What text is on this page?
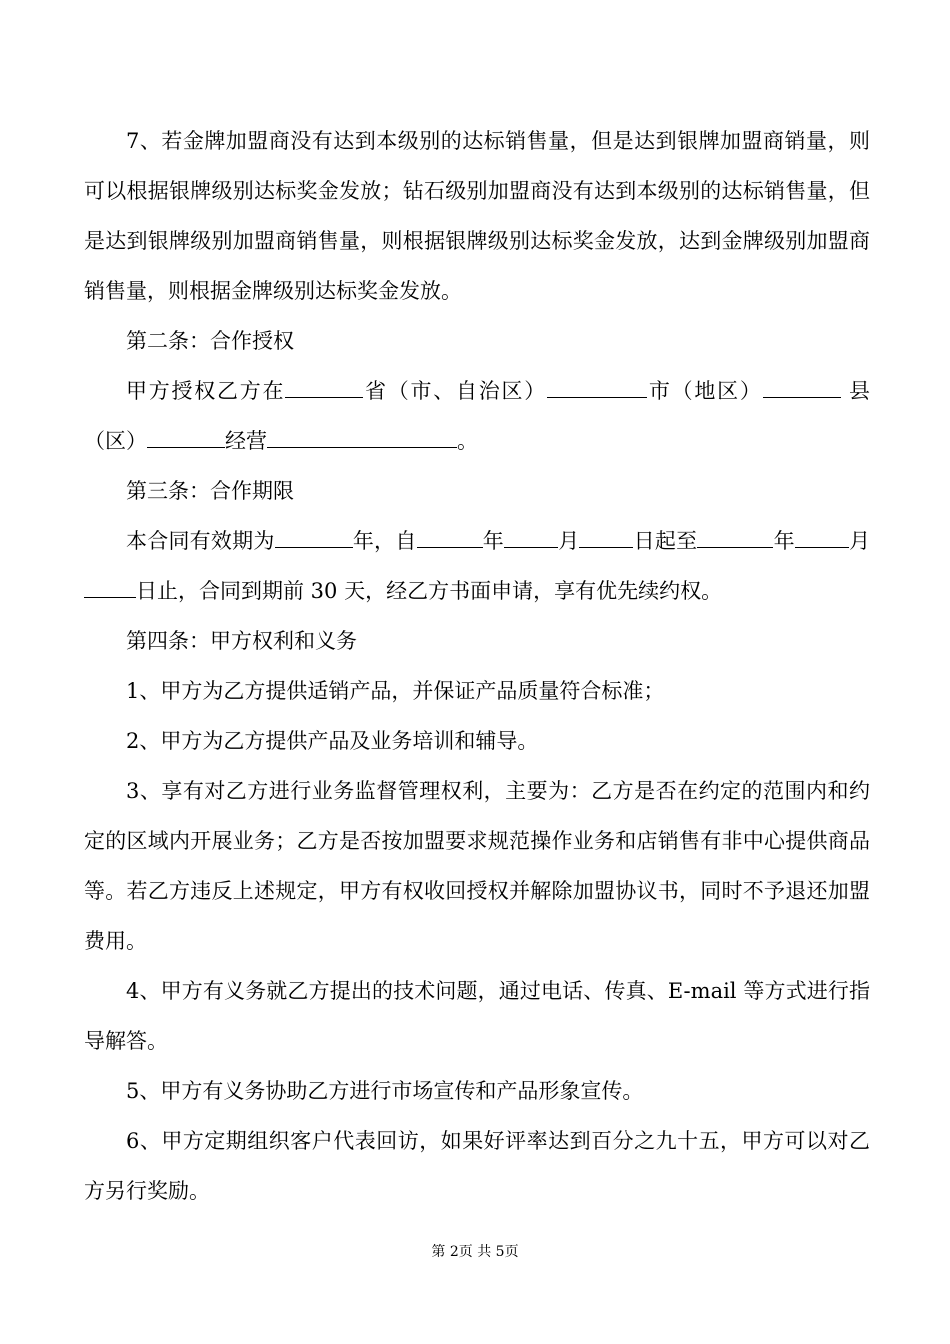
7、若金牌加盟商没有达到本级别的达标销售量，但是达到银牌加盟商销量，则可以根据银牌级别达标奖金发放；钻石级别加盟商没有达到本级别的达标销售量，但是达到银牌级别加盟商销售量，则根据银牌级别达标奖金发放，达到金牌级别加盟商销售量，则根据金牌级别达标奖金发放。

第二条：合作授权

甲方授权乙方在	省（市、自治区）	市（地区）	县（区）	经营	。

第三条：合作期限

本合同有效期为	年，自	年	月	日起至	年	月日止，合同到期前 30 天，经乙方书面申请，享有优先续约权。

第四条：甲方权利和义务

1、甲方为乙方提供适销产品，并保证产品质量符合标准；

2、甲方为乙方提供产品及业务培训和辅导。

3、享有对乙方进行业务监督管理权利，主要为：乙方是否在约定的范围内和约定的区域内开展业务；乙方是否按加盟要求规范操作业务和店销售有非中心提供商品等。若乙方违反上述规定，甲方有权收回授权并解除加盟协议书，同时不予退还加盟费用。

4、甲方有义务就乙方提出的技术问题，通过电话、传真、E-mail 等方式进行指导解答。

5、甲方有义务协助乙方进行市场宣传和产品形象宣传。

6、甲方定期组织客户代表回访，如果好评率达到百分之九十五，甲方可以对乙方另行奖励。

第 2页 共 5页
